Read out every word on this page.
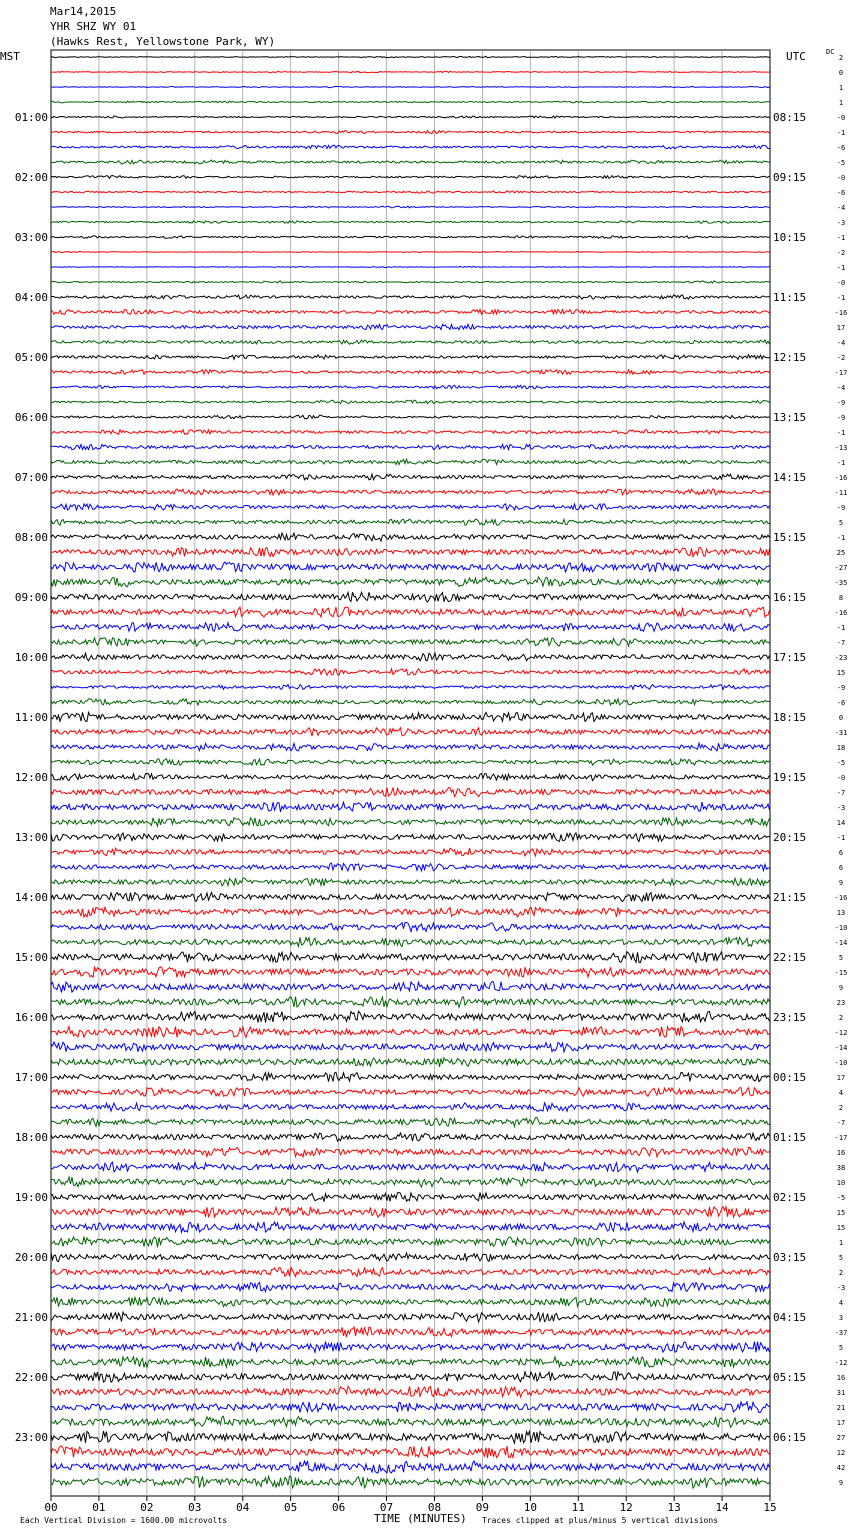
Mar14,2015
YHR SHZ WY 01
(Hawks Rest, Yellowstone Park, WY)
MST	UTC	DC
00	01	02	03	04	05	06	07	08	09	10	11	12	13	14	15
2
0
1
1
-0
-1
-6
-5
-0
-6
-4
-3
-1
-2
-1
-0
-1
-16
17
-4
-2
-17
-4
-9
-9
-1
-13
-1
-16
-11
-9
5
-1
25
-27
-35
8
-16
-1
-7
-23
15
-9
-6
0
-31
18
-5
-0
-7
-3
14
-1
6
6
9
-16
13
-10
-14
5
-15
9
23
2
-12
-14
-10
17
4
2
-7
-17
16
38
10
-5
15
15
1
5
2
-3
4
3
-37
5
-12
16
31
21
17
27
12
42
9
01:00	08:15
02:00	09:15
03:00	10:15
04:00	11:15
05:00	12:15
06:00	13:15
07:00	14:15
08:00	15:15
09:00	16:15
10:00	17:15
11:00	18:15
12:00	19:15
13:00	20:15
14:00	21:15
15:00	22:15
16:00	23:15
17:00	00:15
18:00	01:15
19:00	02:15
20:00	03:15
21:00	04:15
22:00	05:15
23:00	06:15
TIME (MINUTES)
Each Vertical Division = 1600.00 microvolts	Traces clipped at plus/minus 5 vertical divisions
